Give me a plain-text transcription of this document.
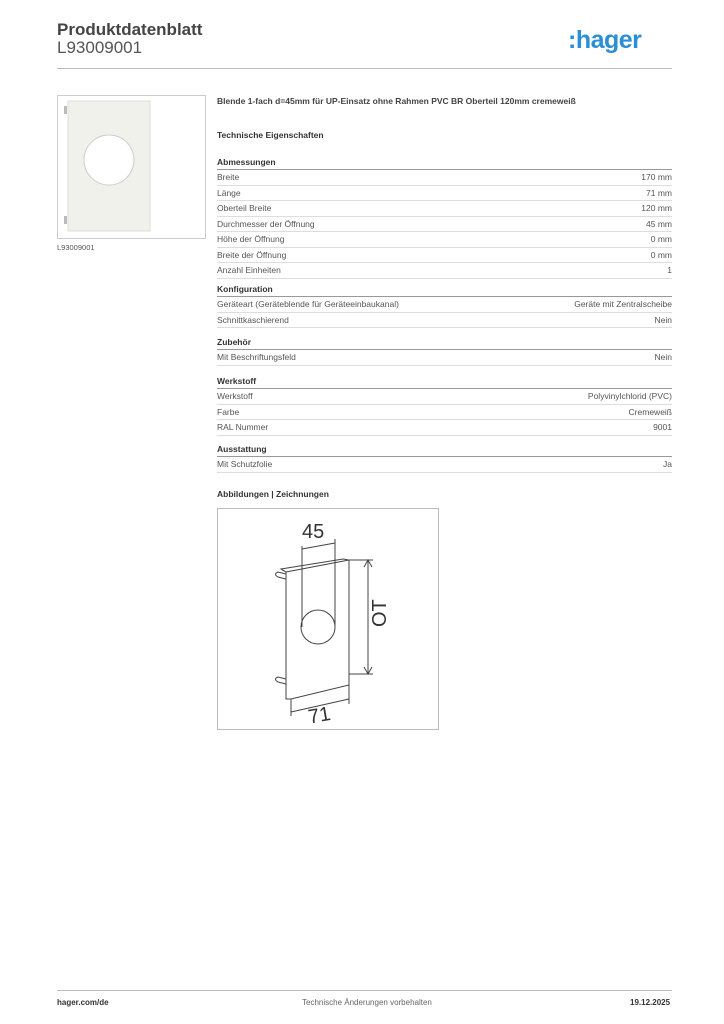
Produktdatenblatt
L93009001	:hager
L93009001
Blende 1-fach d=45mm für UP-Einsatz ohne Rahmen PVC BR Oberteil 120mm cremeweiß
Technische Eigenschaften
Abmessungen
Breite	170 mm
Länge	71 mm
Oberteil Breite	120 mm
Durchmesser der Öffnung	45 mm
Höhe der Öffnung	0 mm
Breite der Öffnung	0 mm
Anzahl Einheiten	1
Konfiguration
Geräteart (Geräteblende für Geräteeinbaukanal)	Geräte mit Zentralscheibe
Schnittkaschierend	Nein
Zubehör
Mit Beschriftungsfeld	Nein
Werkstoff
Werkstoff	Polyvinylchlorid (PVC)
Farbe	Cremeweiß
RAL Nummer	9001
Ausstattung
Mit Schutzfolie	Ja
Abbildungen | Zeichnungen
45
OT
71
hager.com/de	Technische Änderungen vorbehalten	19.12.2025
